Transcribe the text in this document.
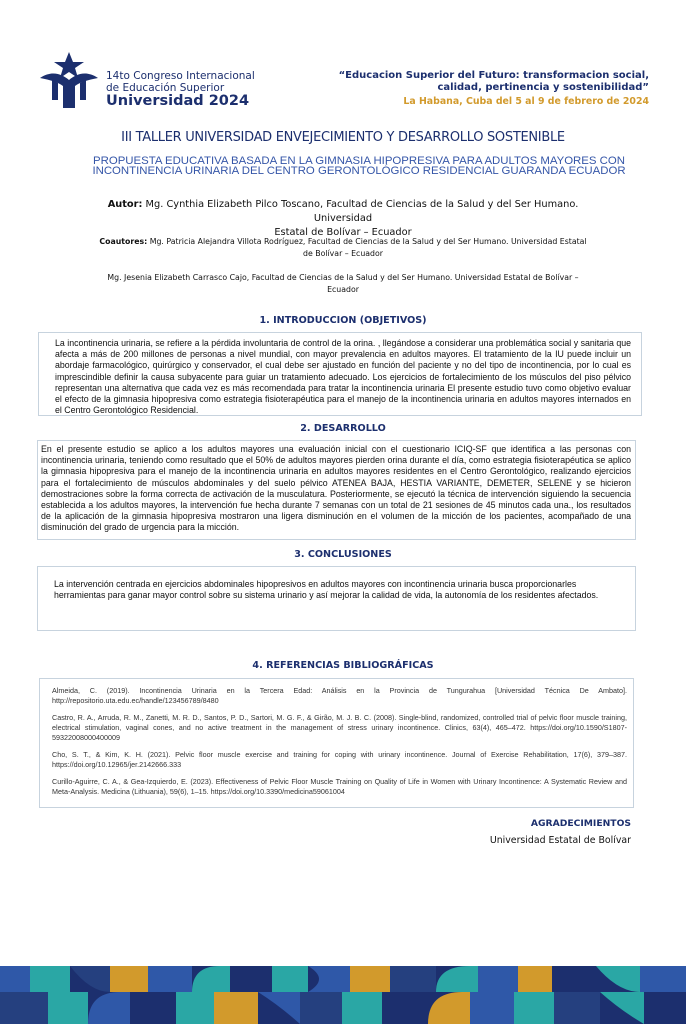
14to Congreso Internacional
de Educación Superior
Universidad 2024
“Educacion Superior del Futuro: transformacion social,
calidad, pertinencia y sostenibilidad”
La Habana, Cuba del 5 al 9 de febrero de 2024
III TALLER UNIVERSIDAD ENVEJECIMIENTO Y DESARROLLO SOSTENIBLE
PROPUESTA EDUCATIVA BASADA EN LA GIMNASIA HIPOPRESIVA PARA ADULTOS MAYORES CON INCONTINENCIA URINARIA DEL CENTRO GERONTOLÓGICO RESIDENCIAL GUARANDA ECUADOR
Autor: Mg. Cynthia Elizabeth Pilco Toscano, Facultad de Ciencias de la Salud y del Ser Humano. Universidad
Estatal de Bolívar – Ecuador
Coautores: Mg. Patricia Alejandra Villota Rodríguez, Facultad de Ciencias de la Salud y del Ser Humano. Universidad Estatal
de Bolívar – Ecuador
Mg. Jesenia Elizabeth Carrasco Cajo, Facultad de Ciencias de la Salud y del Ser Humano. Universidad Estatal de Bolívar –
Ecuador
1. INTRODUCCION (OBJETIVOS)
La incontinencia urinaria, se refiere a la pérdida involuntaria de control de la orina. , llegándose a considerar una problemática social y sanitaria que afecta a más de 200 millones de personas a nivel mundial, con mayor prevalencia en adultos mayores. El tratamiento de la IU puede incluir un abordaje farmacológico, quirúrgico y conservador, el cual debe ser ajustado en función del paciente y no del tipo de incontinencia, por lo cual es imprescindible definir la causa subyacente para guiar un tratamiento adecuado. Los ejercicios de fortalecimiento de los músculos del piso pélvico representan una alternativa que cada vez es más recomendada para tratar la incontinencia urinaria El presente estudio tuvo como objetivo evaluar el efecto de la gimnasia hipopresiva como estrategia fisioterapéutica para el manejo de la incontinencia urinaria en adultos mayores internados en el Centro Gerontológico Residencial.
2. DESARROLLO
En el presente estudio se aplico a los adultos mayores una evaluación inicial con el cuestionario ICIQ-SF que identifica a las personas con incontinencia urinaria, teniendo como resultado que el 50% de adultos mayores pierden orina durante el día, como estrategia fisioterapéutica se aplico la gimnasia hipopresiva para el manejo de la incontinencia urinaria en adultos mayores residentes en el Centro Gerontológico, realizando ejercicios para el fortalecimiento de músculos abdominales y del suelo pélvico ATENEA BAJA, HESTIA VARIANTE, DEMETER, SELENE y se hicieron demostraciones sobre la forma correcta de activación de la musculatura. Posteriormente, se ejecutó la técnica de intervención siguiendo la secuencia establecida a los adultos mayores, la intervención fue hecha durante 7 semanas con un total de 21 sesiones de 45 minutos cada una., los resultados de la aplicación de la gimnasia hipopresiva mostraron una ligera disminución en el volumen de la micción de los pacientes, acompañado de una disminución del grado de urgencia para la micción.
3. CONCLUSIONES
La intervención centrada en ejercicios abdominales hipopresivos en adultos mayores con incontinencia urinaria busca proporcionarles herramientas para ganar mayor control sobre su sistema urinario y así mejorar la calidad de vida, la autonomía de los residentes afectados.
4. REFERENCIAS BIBLIOGRÁFICAS

Almeida, C. (2019). Incontinencia Urinaria en la Tercera Edad: Análisis en la Provincia de Tungurahua [Universidad Técnica De Ambato]. http://repositorio.uta.edu.ec/handle/123456789/8480

Castro, R. A., Arruda, R. M., Zanetti, M. R. D., Santos, P. D., Sartori, M. G. F., & Girão, M. J. B. C. (2008). Single-blind, randomized, controlled trial of pelvic floor muscle training, electrical stimulation, vaginal cones, and no active treatment in the management of stress urinary incontinence. Clinics, 63(4), 465–472. https://doi.org/10.1590/S1807-59322008000400009

Cho, S. T., & Kim, K. H. (2021). Pelvic floor muscle exercise and training for coping with urinary incontinence. Journal of Exercise Rehabilitation, 17(6), 379–387. https://doi.org/10.12965/jer.2142666.333

Curillo-Aguirre, C. A., & Gea-Izquierdo, E. (2023). Effectiveness of Pelvic Floor Muscle Training on Quality of Life in Women with Urinary Incontinence: A Systematic Review and Meta-Analysis. Medicina (Lithuania), 59(6), 1–15. https://doi.org/10.3390/medicina59061004

AGRADECIMIENTOS
Universidad Estatal de Bolívar
